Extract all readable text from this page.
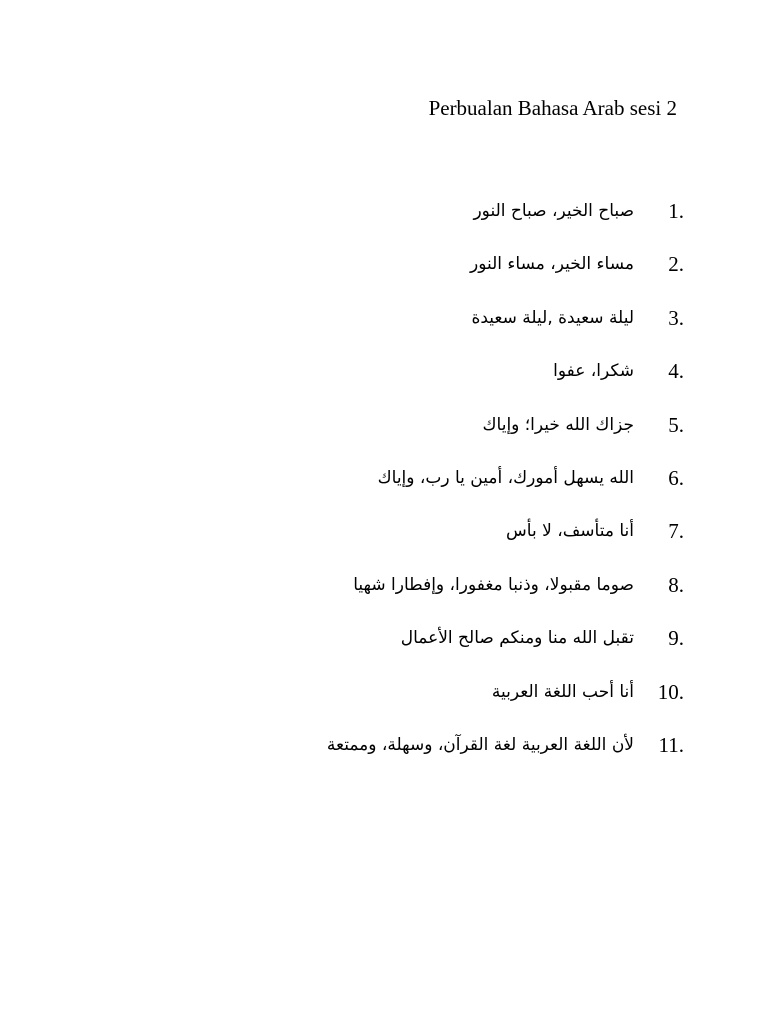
Perbualan Bahasa Arab sesi 2
1.
صباح الخير، صباح النور
2.
مساء الخير، مساء النور
3.
ليلة سعيدة ,ليلة سعيدة
4.
شكرا، عفوا
5.
جزاك الله خيرا؛ وإياك
6.
الله يسهل أمورك، أمين يا رب، وإياك
7.
أنا متأسف، لا بأس
8.
صوما مقبولا، وذنبا مغفورا، وإفطارا شهيا
9.
تقبل الله منا ومنكم صالح الأعمال
10.
أنا أحب اللغة العربية
11.
لأن اللغة العربية لغة القرآن، وسهلة، وممتعة
